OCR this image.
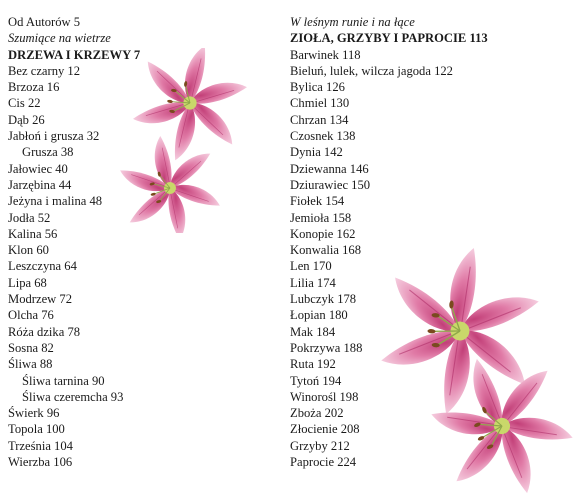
Od Autorów 5
Szumiące na wietrze
DRZEWA I KRZEWY 7
Bez czarny 12
Brzoza 16
Cis 22
Dąb 26
Jabłoń i grusza 32
Grusza 38
Jałowiec 40
Jarzębina 44
Jeżyna i malina 48
Jodła 52
Kalina 56
Klon 60
Leszczyna 64
Lipa 68
Modrzew 72
Olcha 76
Róża dzika 78
Sosna 82
Śliwa 88
Śliwa tarnina 90
Śliwa czeremcha 93
Świerk 96
Topola 100
Trześnia 104
Wierzba 106
W leśnym runie i na łące
ZIOŁA, GRZYBY I PAPROCIE 113
Barwinek 118
Bieluń, lulek, wilcza jagoda 122
Bylica 126
Chmiel 130
Chrzan 134
Czosnek 138
Dynia 142
Dziewanna 146
Dziurawiec 150
Fiołek 154
Jemioła 158
Konopie 162
Konwalia 168
Len 170
Lilia 174
Lubczyk 178
Łopian 180
Mak 184
Pokrzywa 188
Ruta 192
Tytoń 194
Winorośl 198
Zboża 202
Złocienie 208
Grzyby 212
Paprocie 224
